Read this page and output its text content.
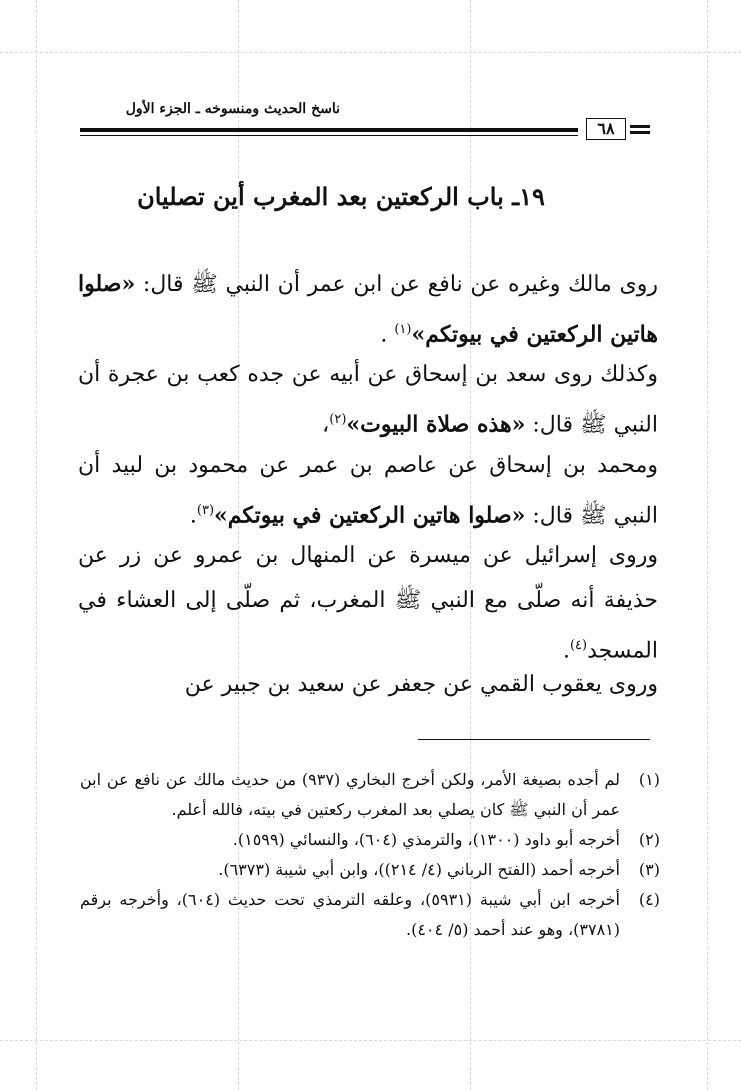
ناسخ الحديث ومنسوخه ـ الجزء الأول
٦٨
١٩ـ باب الركعتين بعد المغرب أين تصليان
روى مالك وغيره عن نافع عن ابن عمر أن النبي ﷺ قال: «صلوا هاتين الركعتين في بيوتكم»$^{(١)}$ .
وكذلك روى سعد بن إسحاق عن أبيه عن جده كعب بن عجرة أن النبي ﷺ قال: «هذه صلاة البيوت»$^{(٢)}$،
ومحمد بن إسحاق عن عاصم بن عمر عن محمود بن لبيد أن النبي ﷺ قال: «صلوا هاتين الركعتين في بيوتكم»$^{(٣)}$.
وروى إسرائيل عن ميسرة عن المنهال بن عمرو عن زر عن حذيفة أنه صلّى مع النبي ﷺ المغرب، ثم صلّى إلى العشاء في المسجد$^{(٤)}$.
وروى يعقوب القمي عن جعفر عن سعيد بن جبير عن
(١)
لم أجده بصيغة الأمر، ولكن أخرج البخاري (٩٣٧) من حديث مالك عن نافع عن ابن عمر أن النبي ﷺ كان يصلي بعد المغرب ركعتين في بيته، فالله أعلم.
(٢)
أخرجه أبو داود (١٣٠٠)، والترمذي (٦٠٤)، والنسائي (١٥٩٩).
(٣)
أخرجه أحمد (الفتح الرباني (٤/ ٢١٤))، وابن أبي شيبة (٦٣٧٣).
(٤)
أخرجه ابن أبي شيبة (٥٩٣١)، وعلقه الترمذي تحت حديث (٦٠٤)، وأخرجه برقم (٣٧٨١)، وهو عند أحمد (٥/ ٤٠٤).
